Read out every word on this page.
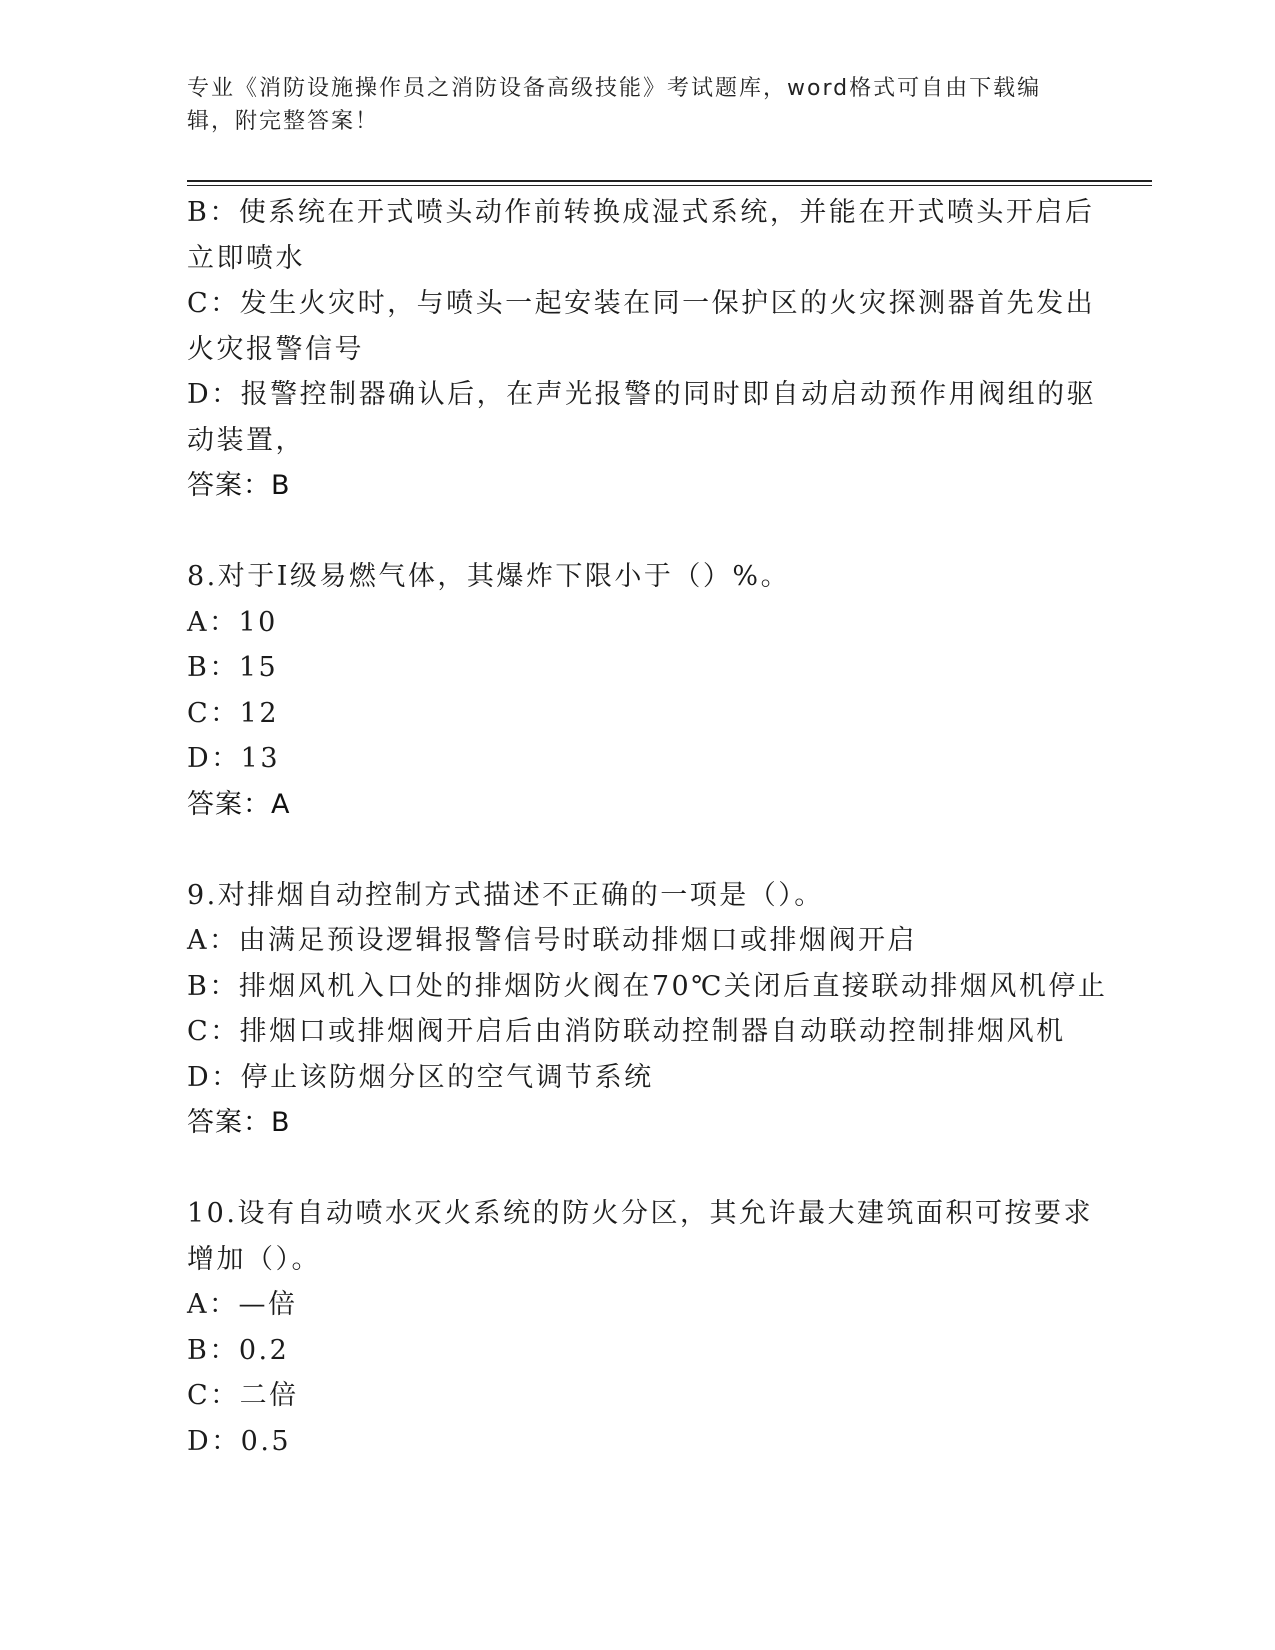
专业《消防设施操作员之消防设备高级技能》考试题库，word格式可自由下载编
辑，附完整答案！
B：使系统在开式喷头动作前转换成湿式系统，并能在开式喷头开启后
立即喷水
C：发生火灾时，与喷头一起安装在同一保护区的火灾探测器首先发出
火灾报警信号
D：报警控制器确认后，在声光报警的同时即自动启动预作用阀组的驱
动装置，
答案：B
8.对于Ⅰ级易燃气体，其爆炸下限小于（）%。
A：10
B：15
C：12
D：13
答案：A
9.对排烟自动控制方式描述不正确的一项是（）。
A：由满足预设逻辑报警信号时联动排烟口或排烟阀开启
B：排烟风机入口处的排烟防火阀在70℃关闭后直接联动排烟风机停止
C：排烟口或排烟阀开启后由消防联动控制器自动联动控制排烟风机
D：停止该防烟分区的空气调节系统
答案：B
10.设有自动喷水灭火系统的防火分区，其允许最大建筑面积可按要求
增加（）。
A：—倍
B：0.2
C：二倍
D：0.5
